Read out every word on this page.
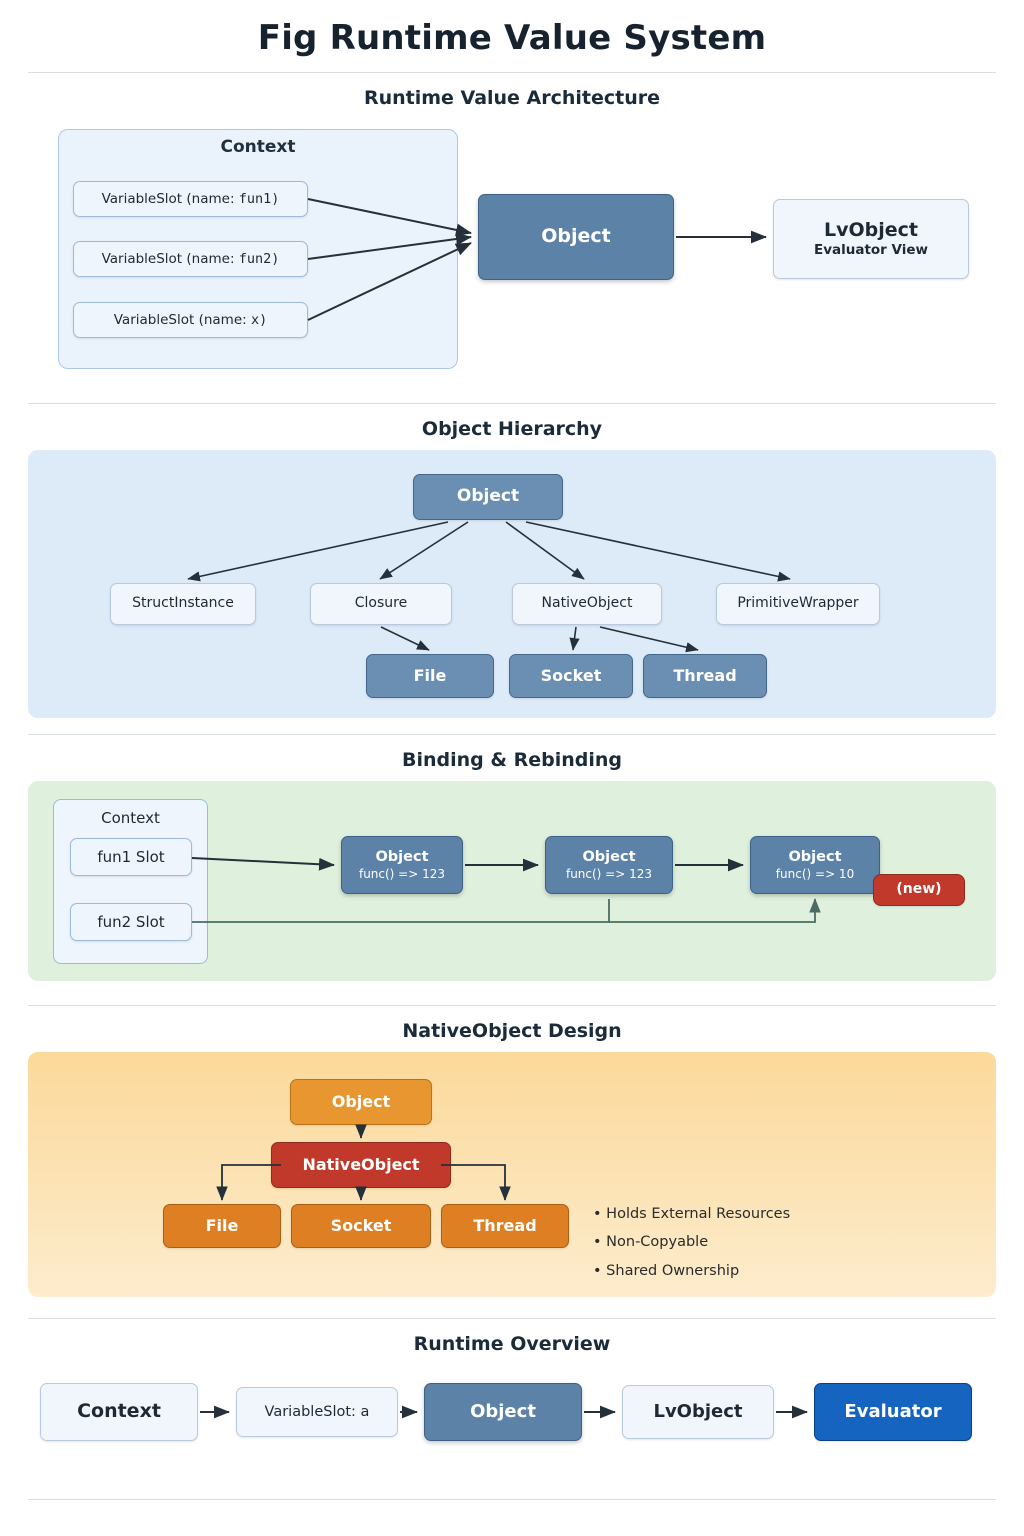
Fig Runtime Value System
Runtime Value Architecture
Context
VariableSlot (name: fun1)
VariableSlot (name: fun2)
VariableSlot (name: x)
Object	LvObject
Evaluator View
Object Hierarchy
Object
StructInstance	Closure	NativeObject	PrimitiveWrapper
File	Socket	Thread
Binding & Rebinding
Context
fun1 Slot
fun2 Slot
Object
func() => 123
Object
func() => 123
Object
func() => 10
(new)
NativeObject Design
Object
NativeObject
File	Socket	Thread
• Holds External Resources
• Non-Copyable
• Shared Ownership
Runtime Overview
Context	VariableSlot: a	Object	LvObject	Evaluator
